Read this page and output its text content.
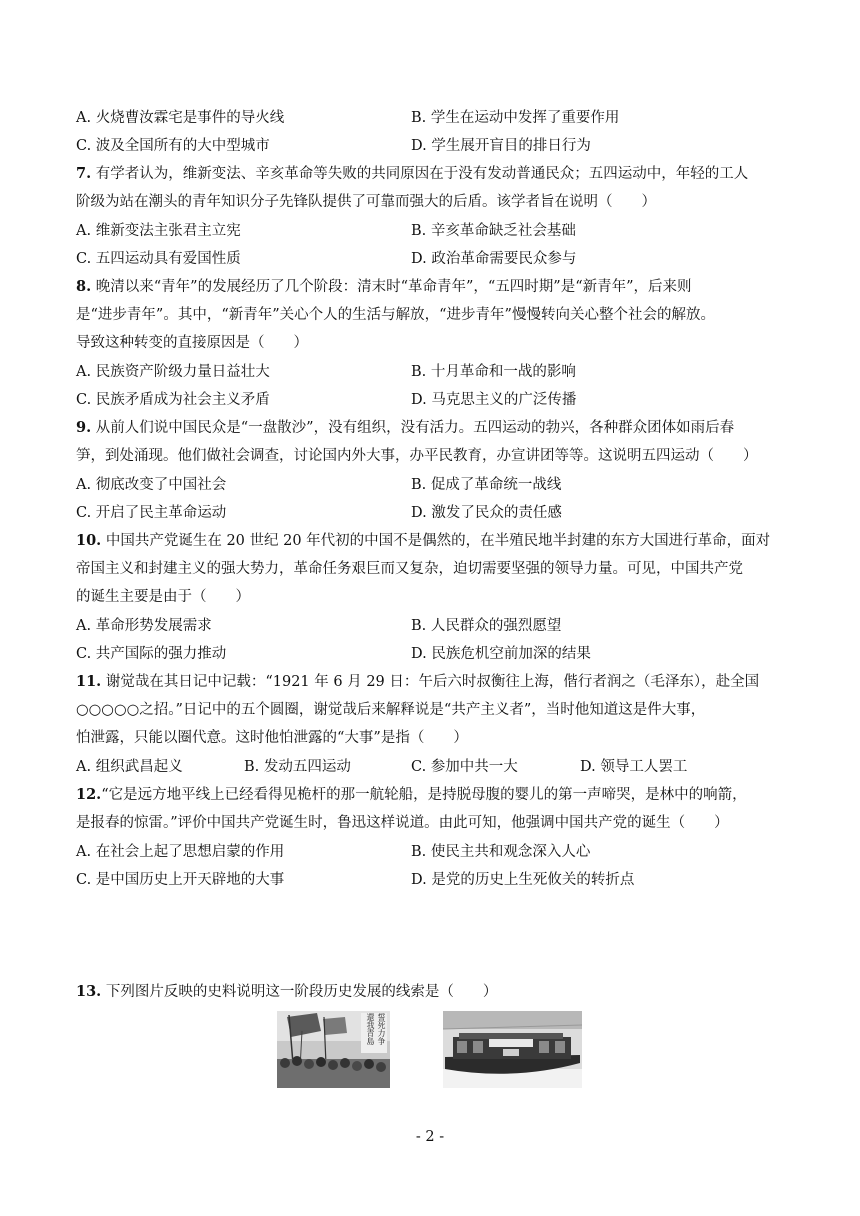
A. 火烧曹汝霖宅是事件的导火线	B. 学生在运动中发挥了重要作用
C. 波及全国所有的大中型城市	D. 学生展开盲目的排日行为
7. 有学者认为，维新变法、辛亥革命等失败的共同原因在于没有发动普通民众；五四运动中，年轻的工人
阶级为站在潮头的青年知识分子先锋队提供了可靠而强大的后盾。该学者旨在说明（　　）
A. 维新变法主张君主立宪	B. 辛亥革命缺乏社会基础
C. 五四运动具有爱国性质	D. 政治革命需要民众参与
8. 晚清以来“青年”的发展经历了几个阶段：清末时“革命青年”，“五四时期”是“新青年”，后来则
是“进步青年”。其中，“新青年”关心个人的生活与解放，“进步青年”慢慢转向关心整个社会的解放。
导致这种转变的直接原因是（　　）
A. 民族资产阶级力量日益壮大	B. 十月革命和一战的影响
C. 民族矛盾成为社会主义矛盾	D. 马克思主义的广泛传播
9. 从前人们说中国民众是“一盘散沙”，没有组织，没有活力。五四运动的勃兴，各种群众团体如雨后春
笋，到处涌现。他们做社会调查，讨论国内外大事，办平民教育，办宣讲团等等。这说明五四运动（　　）
A. 彻底改变了中国社会	B. 促成了革命统一战线
C. 开启了民主革命运动	D. 激发了民众的责任感
10. 中国共产党诞生在 20 世纪 20 年代初的中国不是偶然的，在半殖民地半封建的东方大国进行革命，面对
帝国主义和封建主义的强大势力，革命任务艰巨而又复杂，迫切需要坚强的领导力量。可见，中国共产党
的诞生主要是由于（　　）
A. 革命形势发展需求	B. 人民群众的强烈愿望
C. 共产国际的强力推动	D. 民族危机空前加深的结果
11. 谢觉哉在其日记中记载：“1921 年 6 月 29 日：午后六时叔衡往上海，偕行者润之（毛泽东），赴全国
○○○○○之招。”日记中的五个圆圈，谢觉哉后来解释说是“共产主义者”，当时他知道这是件大事，
怕泄露，只能以圈代意。这时他怕泄露的“大事”是指（　　）
A. 组织武昌起义	B. 发动五四运动	C. 参加中共一大	D. 领导工人罢工
12.“它是远方地平线上已经看得见桅杆的那一航轮船，是持脱母腹的婴儿的第一声啼哭，是林中的响箭，
是报春的惊雷。”评价中国共产党诞生时，鲁迅这样说道。由此可知，他强调中国共产党的诞生（　　）
A. 在社会上起了思想启蒙的作用	B. 使民主共和观念深入人心
C. 是中国历史上开天辟地的大事	D. 是党的历史上生死攸关的转折点
13. 下列图片反映的史料说明这一阶段历史发展的线索是（　　）
誓死力争 還我青島
- 2 -
